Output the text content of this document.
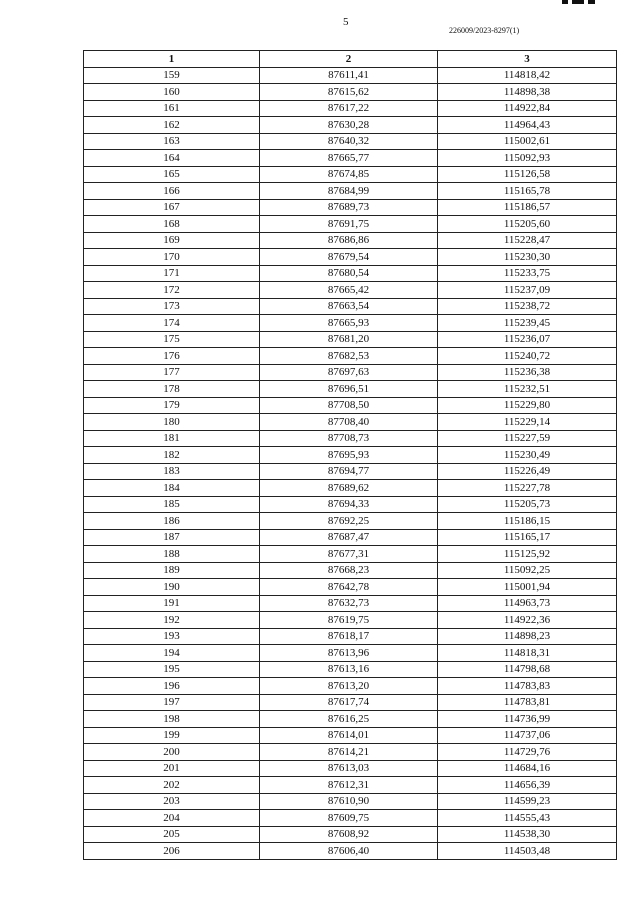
5
226009/2023-8297(1)
1	2	3
159	87611,41	114818,42
160	87615,62	114898,38
161	87617,22	114922,84
162	87630,28	114964,43
163	87640,32	115002,61
164	87665,77	115092,93
165	87674,85	115126,58
166	87684,99	115165,78
167	87689,73	115186,57
168	87691,75	115205,60
169	87686,86	115228,47
170	87679,54	115230,30
171	87680,54	115233,75
172	87665,42	115237,09
173	87663,54	115238,72
174	87665,93	115239,45
175	87681,20	115236,07
176	87682,53	115240,72
177	87697,63	115236,38
178	87696,51	115232,51
179	87708,50	115229,80
180	87708,40	115229,14
181	87708,73	115227,59
182	87695,93	115230,49
183	87694,77	115226,49
184	87689,62	115227,78
185	87694,33	115205,73
186	87692,25	115186,15
187	87687,47	115165,17
188	87677,31	115125,92
189	87668,23	115092,25
190	87642,78	115001,94
191	87632,73	114963,73
192	87619,75	114922,36
193	87618,17	114898,23
194	87613,96	114818,31
195	87613,16	114798,68
196	87613,20	114783,83
197	87617,74	114783,81
198	87616,25	114736,99
199	87614,01	114737,06
200	87614,21	114729,76
201	87613,03	114684,16
202	87612,31	114656,39
203	87610,90	114599,23
204	87609,75	114555,43
205	87608,92	114538,30
206	87606,40	114503,48
